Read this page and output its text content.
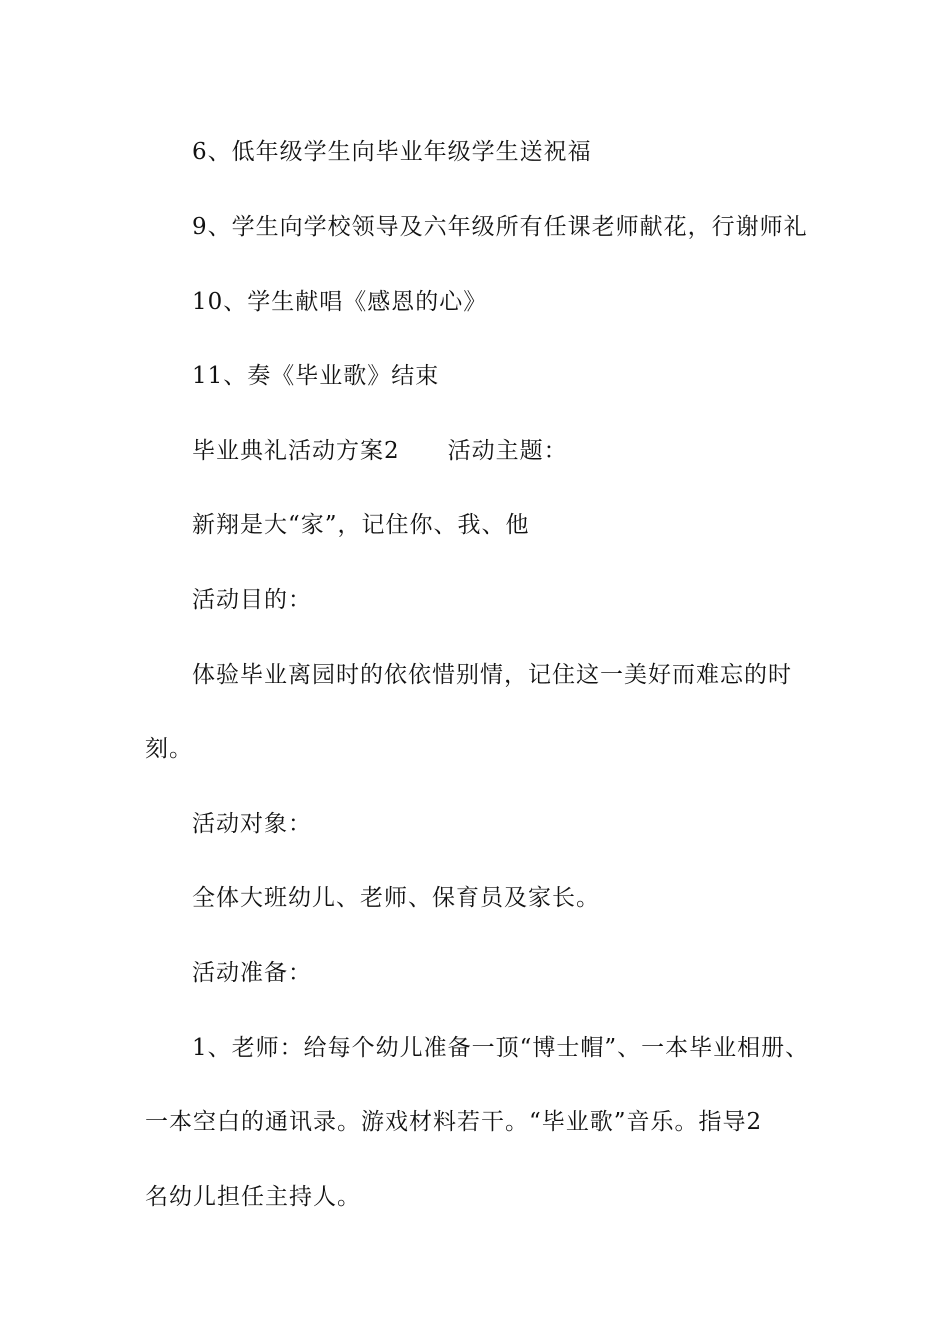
6、低年级学生向毕业年级学生送祝福

9、学生向学校领导及六年级所有任课老师献花，行谢师礼

10、学生献唱《感恩的心》

11、奏《毕业歌》结束

毕业典礼活动方案2　　活动主题：

新翔是大“家”，记住你、我、他

活动目的：

体验毕业离园时的依依惜别情，记住这一美好而难忘的时

刻。

活动对象：

全体大班幼儿、老师、保育员及家长。

活动准备：

1、老师：给每个幼儿准备一顶“博士帽”、一本毕业相册、

一本空白的通讯录。游戏材料若干。“毕业歌”音乐。指导2

名幼儿担任主持人。
